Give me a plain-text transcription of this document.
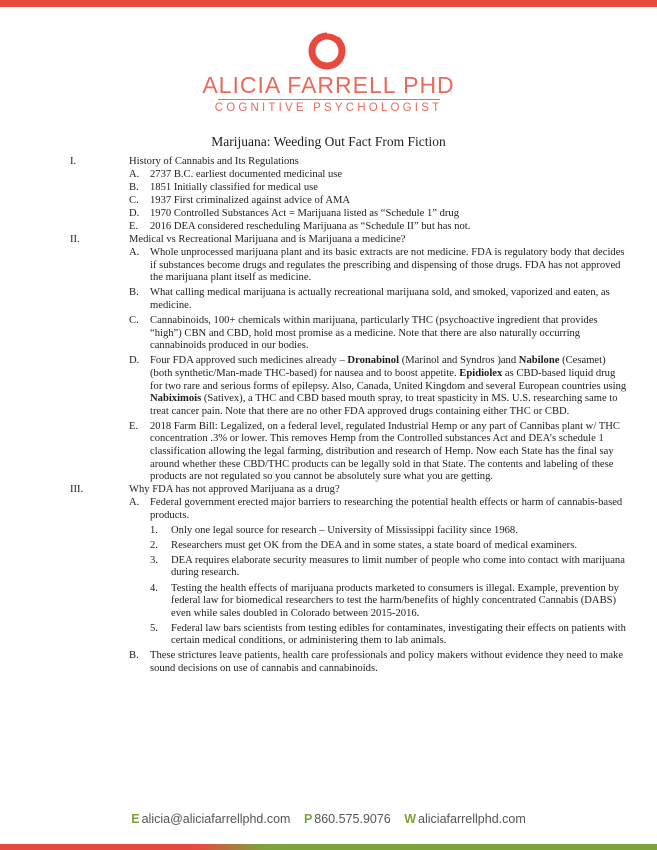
ALICIA FARRELL PHD
COGNITIVE PSYCHOLOGIST
Marijuana: Weeding Out Fact From Fiction
I.	History of Cannabis and Its Regulations
A. 2737 B.C. earliest documented medicinal use
B. 1851 Initially classified for medical use
C. 1937 First criminalized against advice of AMA
D. 1970 Controlled Substances Act = Marijuana listed as “Schedule 1” drug
E. 2016 DEA considered rescheduling Marijuana as “Schedule II” but has not.
II.	Medical vs Recreational Marijuana and is Marijuana a medicine?
A. Whole unprocessed marijuana plant and its basic extracts are not medicine. FDA is regulatory body that decides if substances become drugs and regulates the prescribing and dispensing of those drugs. FDA has not approved the marijuana plant itself as medicine.
B. What calling medical marijuana is actually recreational marijuana sold, and smoked, vaporized and eaten, as medicine.
C. Cannabinoids, 100+ chemicals within marijuana, particularly THC (psychoactive ingredient that provides “high”) CBN and CBD, hold most promise as a medicine. Note that there are also naturally occurring cannabinoids produced in our bodies.
D. Four FDA approved such medicines already – Dronabinol (Marinol and Syndros )and Nabilone (Cesamet) (both synthetic/Man-made THC-based) for nausea and to boost appetite. Epidiolex as CBD-based liquid drug for two rare and serious forms of epilepsy. Also, Canada, United Kingdom and several European countries using Nabiximois (Sativex), a THC and CBD based mouth spray, to treat spasticity in MS. U.S. researching same to treat cancer pain. Note that there are no other FDA approved drugs containing either THC or CBD.
E. 2018 Farm Bill: Legalized, on a federal level, regulated Industrial Hemp or any part of Cannibas plant w/ THC concentration .3% or lower. This removes Hemp from the Controlled substances Act and DEA’s schedule 1 classification allowing the legal farming, distribution and research of Hemp. Now each State has the final say around whether these CBD/THC products can be legally sold in that State. The contents and labeling of these products are not regulated so you cannot be absolutely sure what you are getting.
III.	Why FDA has not approved Marijuana as a drug?
A. Federal government erected major barriers to researching the potential health effects or harm of cannabis-based products.
1. Only one legal source for research – University of Mississippi facility since 1968.
2. Researchers must get OK from the DEA and in some states, a state board of medical examiners.
3. DEA requires elaborate security measures to limit number of people who come into contact with marijuana during research.
4. Testing the health effects of marijuana products marketed to consumers is illegal. Example, prevention by federal law for biomedical researchers to test the harm/benefits of highly concentrated Cannabis (DABS) even while sales doubled in Colorado between 2015-2016.
5. Federal law bars scientists from testing edibles for contaminates, investigating their effects on patients with certain medical conditions, or administering them to lab animals.
B. These strictures leave patients, health care professionals and policy makers without evidence they need to make sound decisions on use of cannabis and cannabinoids.
E alicia@aliciafarrellphd.com P 860.575.9076 W aliciafarrellphd.com
